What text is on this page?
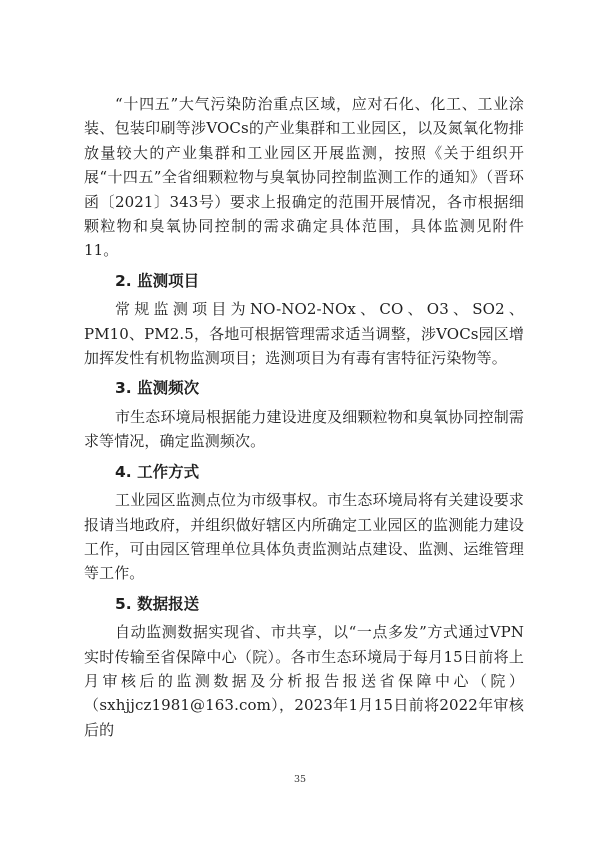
“十四五”大气污染防治重点区域，应对石化、化工、工业涂装、包装印刷等涉VOCs的产业集群和工业园区，以及氮氧化物排放量较大的产业集群和工业园区开展监测，按照《关于组织开展“十四五”全省细颗粒物与臭氧协同控制监测工作的通知》（晋环函〔2021〕343号）要求上报确定的范围开展情况，各市根据细颗粒物和臭氧协同控制的需求确定具体范围，具体监测见附件11。

2. 监测项目

常规监测项目为NO-NO2-NOx、CO、O3、SO2、PM10、PM2.5，各地可根据管理需求适当调整，涉VOCs园区增加挥发性有机物监测项目；选测项目为有毒有害特征污染物等。

3. 监测频次

市生态环境局根据能力建设进度及细颗粒物和臭氧协同控制需求等情况，确定监测频次。

4. 工作方式

工业园区监测点位为市级事权。市生态环境局将有关建设要求报请当地政府，并组织做好辖区内所确定工业园区的监测能力建设工作，可由园区管理单位具体负责监测站点建设、监测、运维管理等工作。

5. 数据报送

自动监测数据实现省、市共享，以“一点多发”方式通过VPN实时传输至省保障中心（院）。各市生态环境局于每月15日前将上月审核后的监测数据及分析报告报送省保障中心（院）（sxhjjcz1981@163.com），2023年1月15日前将2022年审核后的

35
